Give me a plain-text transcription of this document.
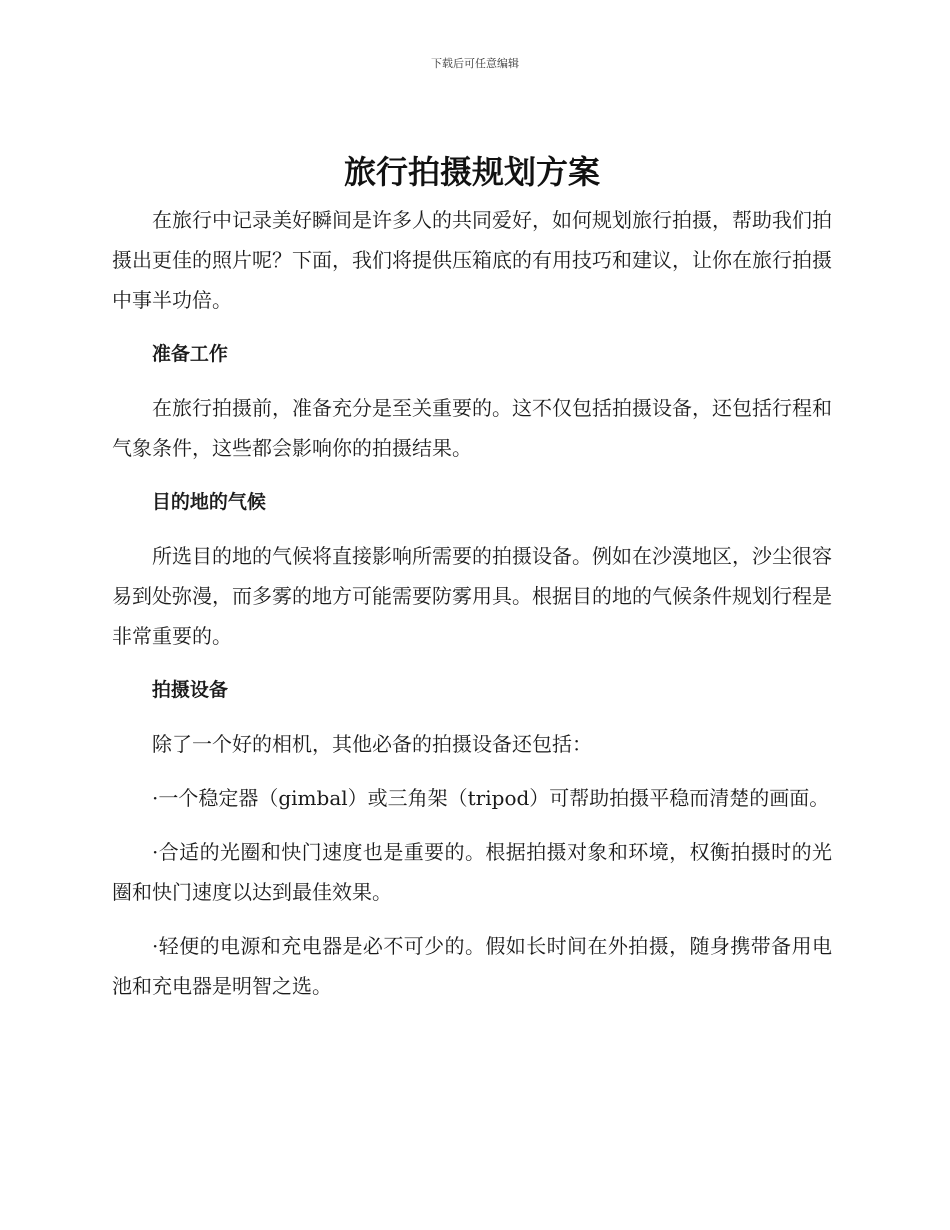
下载后可任意编辑
旅行拍摄规划方案

在旅行中记录美好瞬间是许多人的共同爱好，如何规划旅行拍摄，帮助我们拍摄出更佳的照片呢？下面，我们将提供压箱底的有用技巧和建议，让你在旅行拍摄中事半功倍。

准备工作

在旅行拍摄前，准备充分是至关重要的。这不仅包括拍摄设备，还包括行程和气象条件，这些都会影响你的拍摄结果。

目的地的气候

所选目的地的气候将直接影响所需要的拍摄设备。例如在沙漠地区，沙尘很容易到处弥漫，而多雾的地方可能需要防雾用具。根据目的地的气候条件规划行程是非常重要的。

拍摄设备

除了一个好的相机，其他必备的拍摄设备还包括：

·一个稳定器（gimbal）或三角架（tripod）可帮助拍摄平稳而清楚的画面。

·合适的光圈和快门速度也是重要的。根据拍摄对象和环境，权衡拍摄时的光圈和快门速度以达到最佳效果。

·轻便的电源和充电器是必不可少的。假如长时间在外拍摄，随身携带备用电池和充电器是明智之选。
